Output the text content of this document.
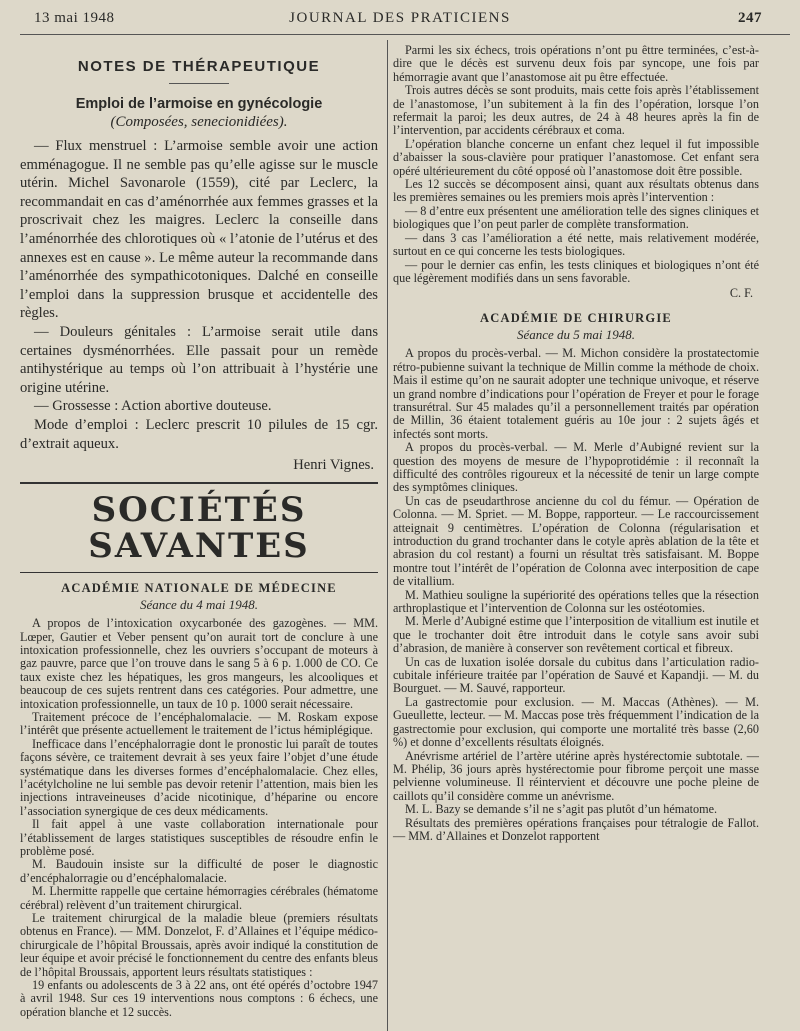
13 mai 1948	JOURNAL DES PRATICIENS	247
NOTES DE THÉRAPEUTIQUE
Emploi de l’armoise en gynécologie
(Composées, senecionidiées).

— Flux menstruel : L’armoise semble avoir une action emménagogue. Il ne semble pas qu’elle agisse sur le muscle utérin. Michel Savonarole (1559), cité par Leclerc, la recommandait en cas d’aménorrhée aux femmes grasses et la proscrivait chez les maigres. Leclerc la conseille dans l’aménorrhée des chlorotiques où « l’atonie de l’utérus et des annexes est en cause ». Le même auteur la recommande dans l’aménorrhée des sympathicotoniques. Dalché en conseille l’emploi dans la suppression brusque et accidentelle des règles.

— Douleurs génitales : L’armoise serait utile dans certaines dysménorrhées. Elle passait pour un remède antihystérique au temps où l’on attribuait à l’hystérie une origine utérine.

— Grossesse : Action abortive douteuse.

Mode d’emploi : Leclerc prescrit 10 pilules de 15 cgr. d’extrait aqueux.

Henri Vignes.
SOCIÉTÉS SAVANTES
ACADÉMIE NATIONALE DE MÉDECINE
Séance du 4 mai 1948.

A propos de l’intoxication oxycarbonée des gazogènes. — MM. Lœper, Gautier et Veber pensent qu’on aurait tort de conclure à une intoxication professionnelle, chez les ouvriers s’occupant de moteurs à gaz pauvre, parce que l’on trouve dans le sang 5 à 6 p. 1.000 de CO. Ce taux existe chez les hépatiques, les gros mangeurs, les alcooliques et beaucoup de ces sujets rentrent dans ces catégories. Pour admettre, une intoxication professionnelle, un taux de 10 p. 1000 serait nécessaire.

Traitement précoce de l’encéphalomalacie. — M. Roskam expose l’intérêt que présente actuellement le traitement de l’ictus hémiplégique.

Inefficace dans l’encéphalorragie dont le pronostic lui paraît de toutes façons sévère, ce traitement devrait à ses yeux faire l’objet d’une étude systématique dans les diverses formes d’encéphalomalacie. Chez elles, l’acétylcholine ne lui semble pas devoir retenir l’attention, mais bien les injections intraveineuses d’acide nicotinique, d’héparine ou encore l’association synergique de ces deux médicaments.

Il fait appel à une vaste collaboration internationale pour l’établissement de larges statistiques susceptibles de résoudre enfin le problème posé.

M. Baudouin insiste sur la difficulté de poser le diagnostic d’encéphalorragie ou d’encéphalomalacie.

M. Lhermitte rappelle que certaine hémorragies cérébrales (hématome cérébral) relèvent d’un traitement chirurgical.

Le traitement chirurgical de la maladie bleue (premiers résultats obtenus en France). — MM. Donzelot, F. d’Allaines et l’équipe médico-chirurgicale de l’hôpital Broussais, après avoir indiqué la constitution de leur équipe et avoir précisé le fonctionnement du centre des enfants bleus de l’hôpital Broussais, apportent leurs résultats statistiques :

19 enfants ou adolescents de 3 à 22 ans, ont été opérés d’octobre 1947 à avril 1948. Sur ces 19 interventions nous comptons : 6 échecs, une opération blanche et 12 succès.

Parmi les six échecs, trois opérations n’ont pu êttre terminées, c’est-à-dire que le décès est survenu deux fois par syncope, une fois par hémorragie avant que l’anastomose ait pu être effectuée.

Trois autres décès se sont produits, mais cette fois après l’établissement de l’anastomose, l’un subitement à la fin des l’opération, lorsque l’on refermait la paroi; les deux autres, de 24 à 48 heures après la fin de l’intervention, par accidents cérébraux et coma.

L’opération blanche concerne un enfant chez lequel il fut impossible d’abaisser la sous-clavière pour pratiquer l’anastomose. Cet enfant sera opéré ultérieurement du côté opposé où l’anastomose doit être possible.

Les 12 succès se décomposent ainsi, quant aux résultats obtenus dans les premières semaines ou les premiers mois après l’intervention :

— 8 d’entre eux présentent une amélioration telle des signes cliniques et biologiques que l’on peut parler de complète transformation.

— dans 3 cas l’amélioration a été nette, mais relativement modérée, surtout en ce qui concerne les tests biologiques.

— pour le dernier cas enfin, les tests cliniques et biologiques n’ont été que légèrement modifiés dans un sens favorable.

C. F.
ACADÉMIE DE CHIRURGIE
Séance du 5 mai 1948.

A propos du procès-verbal. — M. Michon considère la prostatectomie rétro-pubienne suivant la technique de Millin comme la méthode de choix. Mais il estime qu’on ne saurait adopter une technique univoque, et réserve un grand nombre d’indications pour l’opération de Freyer et pour le forage transurétral. Sur 45 malades qu’il a personnellement traités par opération de Millin, 36 étaient totalement guéris au 10e jour : 2 sujets âgés et infectés sont morts.

A propos du procès-verbal. — M. Merle d’Aubigné revient sur la question des moyens de mesure de l’hypoprotidémie : il reconnaît la difficulté des contrôles rigoureux et la nécessité de tenir un large compte des symptômes cliniques.

Un cas de pseudarthrose ancienne du col du fémur. — Opération de Colonna. — M. Spriet. — M. Boppe, rapporteur. — Le raccourcissement atteignait 9 centimètres. L’opération de Colonna (régularisation et introduction du grand trochanter dans le cotyle après ablation de la tête et abrasion du col restant) a fourni un résultat très satisfaisant. M. Boppe montre tout l’intérêt de l’opération de Colonna avec interposition de cape de vitallium.

M. Mathieu souligne la supériorité des opérations telles que la résection arthroplastique et l’intervention de Colonna sur les ostéotomies.

M. Merle d’Aubigné estime que l’interposition de vitallium est inutile et que le trochanter doit être introduit dans le cotyle sans avoir subi d’abrasion, de manière à conserver son revêtement cortical et fibreux.

Un cas de luxation isolée dorsale du cubitus dans l’articulation radio-cubitale inférieure traitée par l’opération de Sauvé et Kapandji. — M. du Bourguet. — M. Sauvé, rapporteur.

La gastrectomie pour exclusion. — M. Maccas (Athènes). — M. Gueullette, lecteur. — M. Maccas pose très fréquemment l’indication de la gastrectomie pour exclusion, qui comporte une mortalité très basse (2,60 %) et donne d’excellents résultats éloignés.

Anévrisme artériel de l’artère utérine après hystérectomie subtotale. — M. Phélip, 36 jours après hystérectomie pour fibrome perçoit une masse pelvienne volumineuse. Il réintervient et découvre une poche pleine de caillots qu’il considère comme un anévrisme.

M. L. Bazy se demande s’il ne s’agit pas plutôt d’un hématome.

Résultats des premières opérations françaises pour tétralogie de Fallot. — MM. d’Allaines et Donzelot rapportent
